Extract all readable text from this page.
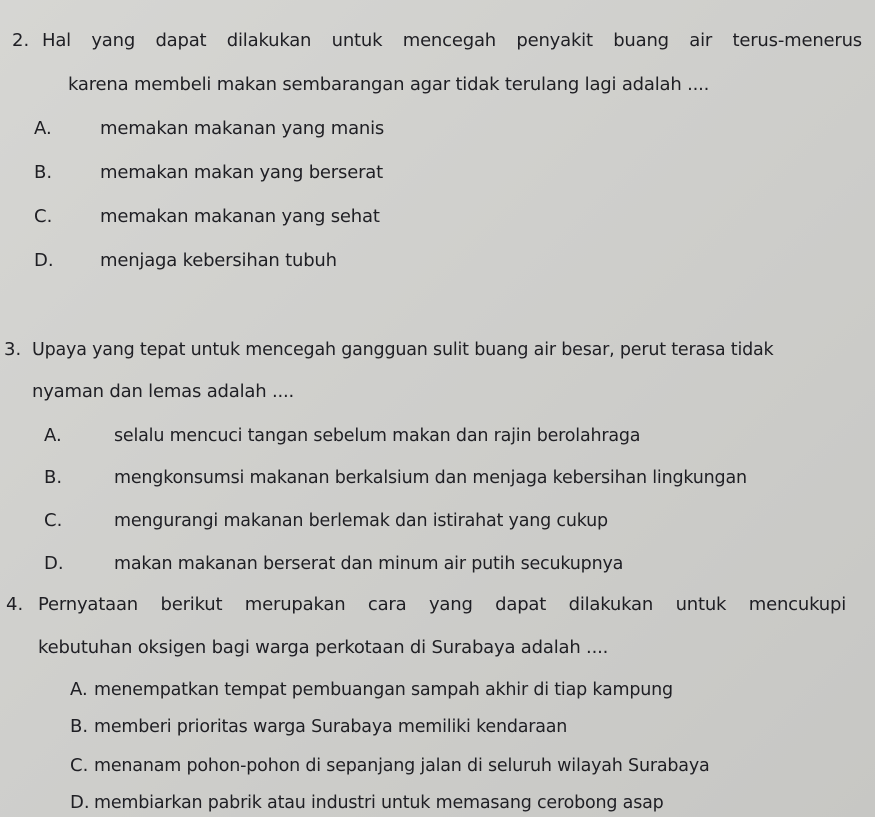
2. Hal yang dapat dilakukan untuk mencegah penyakit buang air terus-menerus
karena membeli makan sembarangan agar tidak terulang lagi adalah ....
A.	memakan makanan yang manis
B.	memakan makan yang berserat
C.	memakan makanan yang sehat
D.	menjaga kebersihan tubuh
3. Upaya yang tepat untuk mencegah gangguan sulit buang air besar, perut terasa tidak
nyaman dan lemas adalah ....
A.	selalu mencuci tangan sebelum makan dan rajin berolahraga
B.	mengkonsumsi makanan berkalsium dan menjaga kebersihan lingkungan
C.	mengurangi makanan berlemak dan istirahat yang cukup
D.	makan makanan berserat dan minum air putih secukupnya
4. Pernyataan berikut merupakan cara yang dapat dilakukan untuk mencukupi
kebutuhan oksigen bagi warga perkotaan di Surabaya adalah ....
A. menempatkan tempat pembuangan sampah akhir di tiap kampung
B. memberi prioritas warga Surabaya memiliki kendaraan
C. menanam pohon-pohon di sepanjang jalan di seluruh wilayah Surabaya
D. membiarkan pabrik atau industri untuk memasang cerobong asap
